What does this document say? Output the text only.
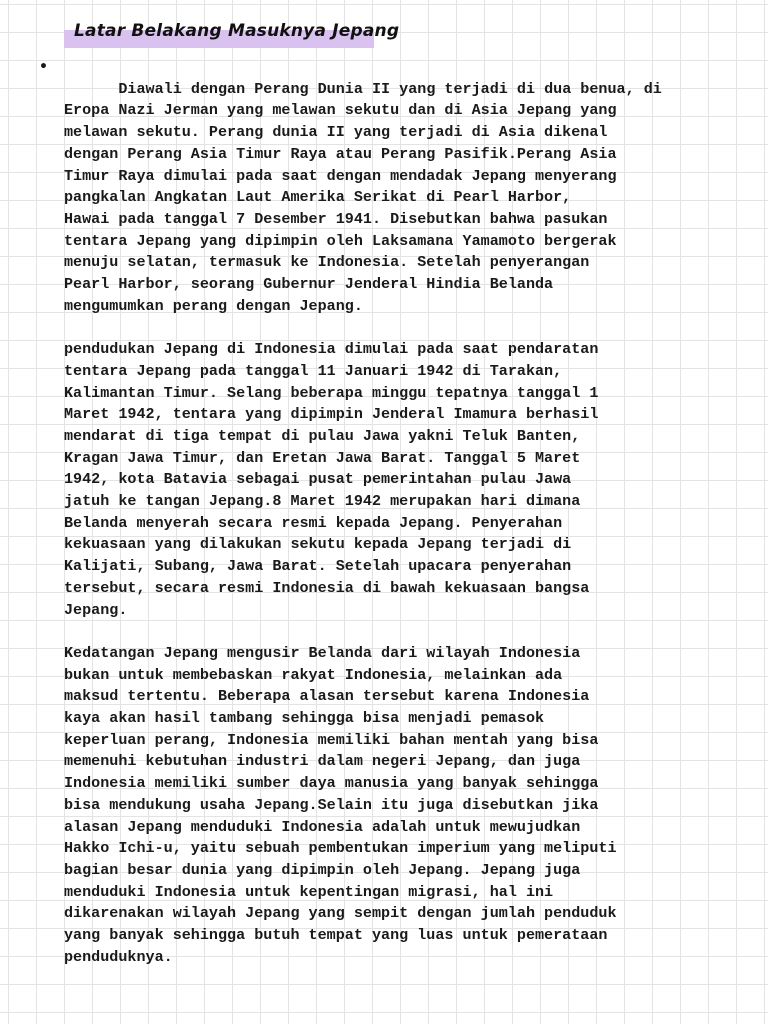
Latar Belakang Masuknya Jepang

•
Diawali dengan Perang Dunia II yang terjadi di dua benua, di
Eropa Nazi Jerman yang melawan sekutu dan di Asia Jepang yang
melawan sekutu. Perang dunia II yang terjadi di Asia dikenal
dengan Perang Asia Timur Raya atau Perang Pasifik.Perang Asia
Timur Raya dimulai pada saat dengan mendadak Jepang menyerang
pangkalan Angkatan Laut Amerika Serikat di Pearl Harbor,
Hawai pada tanggal 7 Desember 1941. Disebutkan bahwa pasukan
tentara Jepang yang dipimpin oleh Laksamana Yamamoto bergerak
menuju selatan, termasuk ke Indonesia. Setelah penyerangan
Pearl Harbor, seorang Gubernur Jenderal Hindia Belanda
mengumumkan perang dengan Jepang.
pendudukan Jepang di Indonesia dimulai pada saat pendaratan
tentara Jepang pada tanggal 11 Januari 1942 di Tarakan,
Kalimantan Timur. Selang beberapa minggu tepatnya tanggal 1
Maret 1942, tentara yang dipimpin Jenderal Imamura berhasil
mendarat di tiga tempat di pulau Jawa yakni Teluk Banten,
Kragan Jawa Timur, dan Eretan Jawa Barat. Tanggal 5 Maret
1942, kota Batavia sebagai pusat pemerintahan pulau Jawa
jatuh ke tangan Jepang.8 Maret 1942 merupakan hari dimana
Belanda menyerah secara resmi kepada Jepang. Penyerahan
kekuasaan yang dilakukan sekutu kepada Jepang terjadi di
Kalijati, Subang, Jawa Barat. Setelah upacara penyerahan
tersebut, secara resmi Indonesia di bawah kekuasaan bangsa
Jepang.
Kedatangan Jepang mengusir Belanda dari wilayah Indonesia
bukan untuk membebaskan rakyat Indonesia, melainkan ada
maksud tertentu. Beberapa alasan tersebut karena Indonesia
kaya akan hasil tambang sehingga bisa menjadi pemasok
keperluan perang, Indonesia memiliki bahan mentah yang bisa
memenuhi kebutuhan industri dalam negeri Jepang, dan juga
Indonesia memiliki sumber daya manusia yang banyak sehingga
bisa mendukung usaha Jepang.Selain itu juga disebutkan jika
alasan Jepang menduduki Indonesia adalah untuk mewujudkan
Hakko Ichi-u, yaitu sebuah pembentukan imperium yang meliputi
bagian besar dunia yang dipimpin oleh Jepang. Jepang juga
menduduki Indonesia untuk kepentingan migrasi, hal ini
dikarenakan wilayah Jepang yang sempit dengan jumlah penduduk
yang banyak sehingga butuh tempat yang luas untuk pemerataan
penduduknya.
